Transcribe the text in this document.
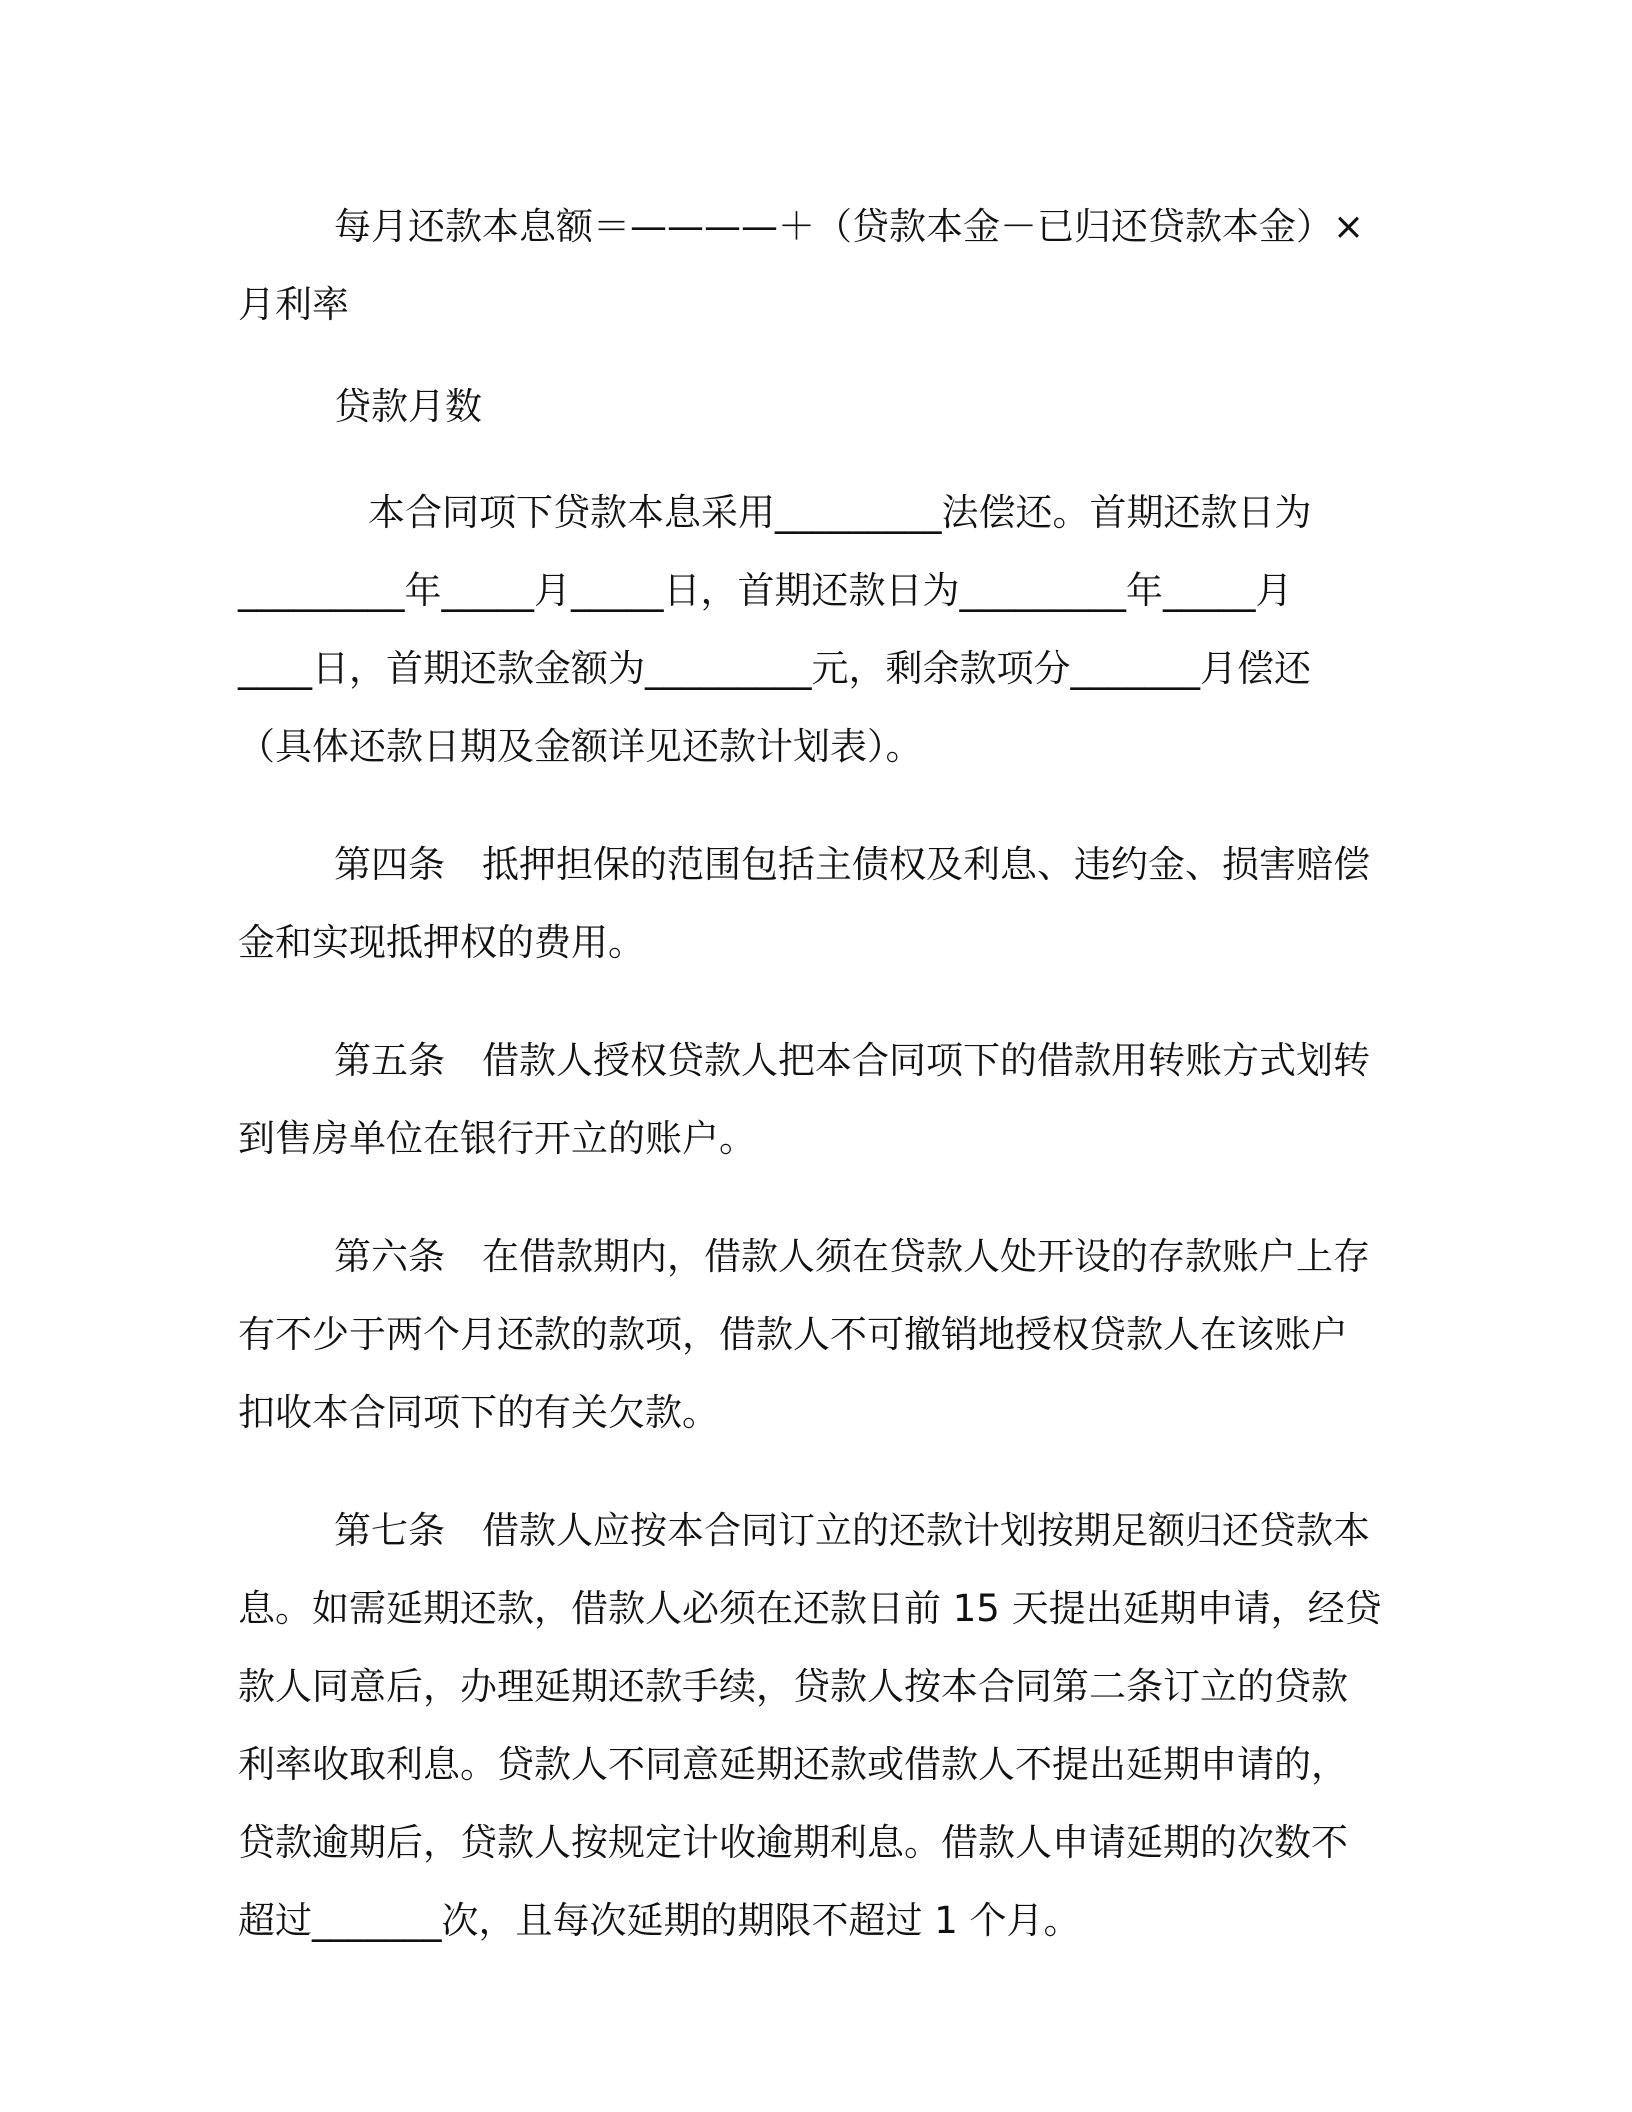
每月还款本息额＝————＋（贷款本金－已归还贷款本金）×

月利率

贷款月数

本合同项下贷款本息采用_________法偿还。首期还款日为

_________年_____月_____日，首期还款日为_________年_____月

____日，首期还款金额为_________元，剩余款项分_______月偿还

（具体还款日期及金额详见还款计划表）。

第四条　抵押担保的范围包括主债权及利息、违约金、损害赔偿

金和实现抵押权的费用。

第五条　借款人授权贷款人把本合同项下的借款用转账方式划转

到售房单位在银行开立的账户。

第六条　在借款期内，借款人须在贷款人处开设的存款账户上存

有不少于两个月还款的款项，借款人不可撤销地授权贷款人在该账户

扣收本合同项下的有关欠款。

第七条　借款人应按本合同订立的还款计划按期足额归还贷款本

息。如需延期还款，借款人必须在还款日前 15 天提出延期申请，经贷

款人同意后，办理延期还款手续，贷款人按本合同第二条订立的贷款

利率收取利息。贷款人不同意延期还款或借款人不提出延期申请的，

贷款逾期后，贷款人按规定计收逾期利息。借款人申请延期的次数不

超过_______次，且每次延期的期限不超过 1 个月。
